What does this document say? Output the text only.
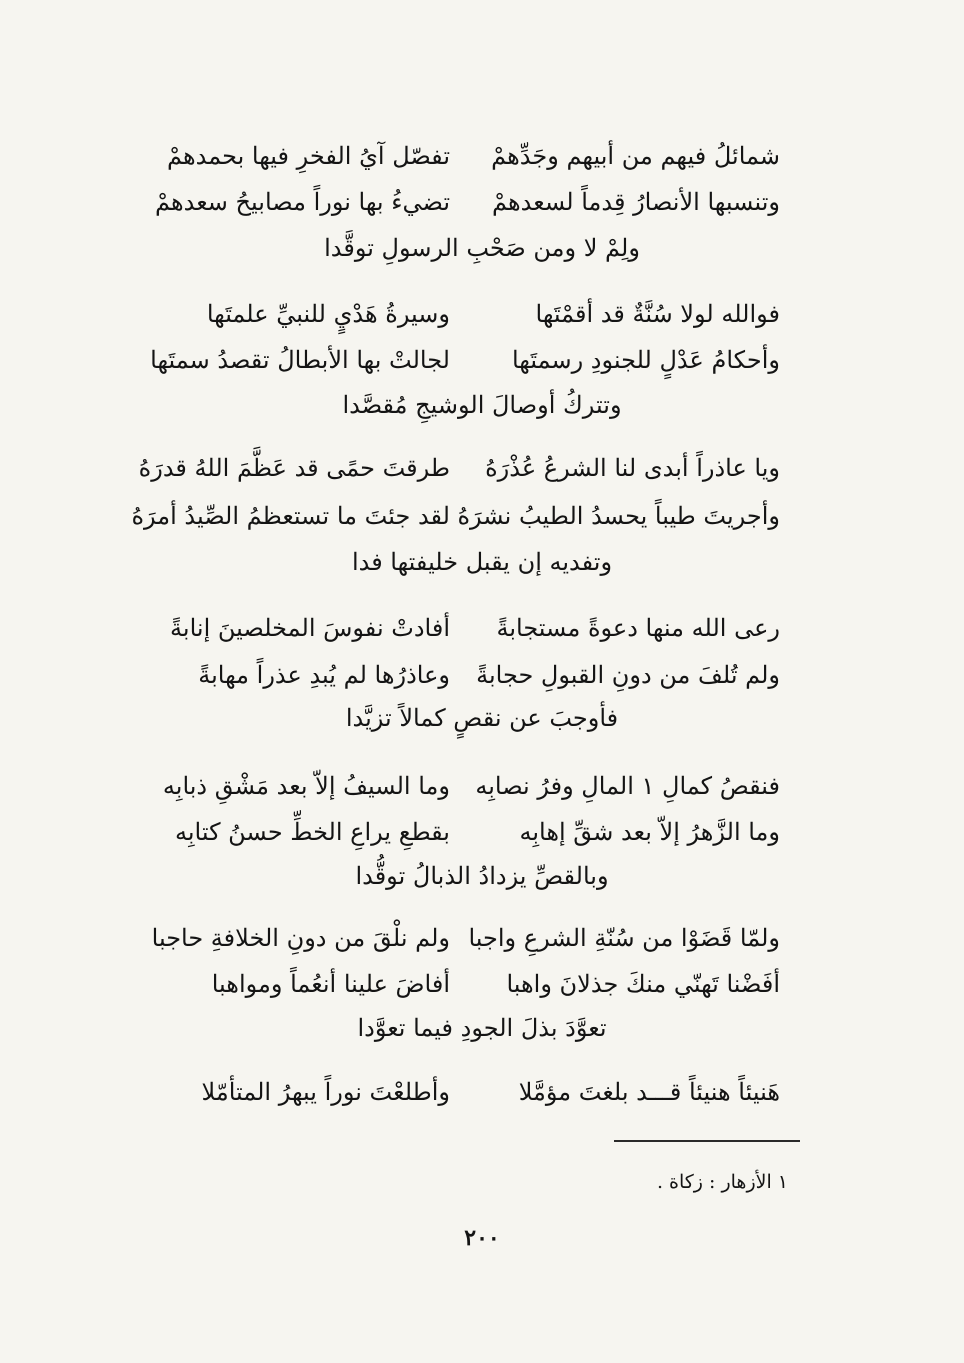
شمائلُ فيهم من أبيهم وجَدِّهمْ
تفصّل آيُ الفخرِ فيها بحمدهمْ
وتنسبها الأنصارُ قِدماً لسعدهمْ
تضيءُ بها نوراً مصابيحُ سعدهمْ
ولِمْ لا ومن صَحْبِ الرسولِ توقَّدا
فوالله لولا سُنَّةٌ قد أقمْتَها
وسيرةُ هَدْيٍ للنبيِّ علمتَها
وأحكامُ عَدْلٍ للجنودِ رسمتَها
لجالتْ بها الأبطالُ تقصدُ سمتَها
وتتركُ أوصالَ الوشيجِ مُقصَّدا
ويا عاذراً أبدى لنا الشرعُ عُذْرَهُ
طرقتَ حمًى قد عَظَّمَ اللهُ قدرَهُ
وأجريتَ طيباً يحسدُ الطيبُ نشرَهُ
لقد جئتَ ما تستعظمُ الصِّيدُ أمرَهُ
وتفديه إن يقبل خليفتها فدا
رعى الله منها دعوةً مستجابةً
أفادتْ نفوسَ المخلصينَ إنابةً
ولم تُلفَ من دونِ القبولِ حجابةً
وعاذرُها لم يُبدِ عذراً مهابةً
فأوجبَ عن نقصٍ كمالاً تزيَّدا
فنقصُ كمالِ ١ المالِ وفرُ نصابِه
وما السيفُ إلاّ بعد مَشْقِ ذبابِه
وما الزَّهرُ إلاّ بعد شقِّ إهابِه
بقطعِ يراعِ الخطِّ حسنُ كتابِه
وبالقصِّ يزدادُ الذبالُ توقُّدا
ولمّا قَضَوْا من سُنّةِ الشرعِ واجبا
ولم نلْقَ من دونِ الخلافةِ حاجبا
أفَضْنا تَهنّي منكَ جذلانَ واهبا
أفاضَ علينا أنعُماً ومواهبا
تعوَّدَ بذلَ الجودِ فيما تعوَّدا
هَنيئاً هنيئاً قـــد بلغتَ مؤمَّلا
وأطلعْتَ نوراً يبهرُ المتأمّلا
١ الأزهار : زكاة .
٢٠٠
